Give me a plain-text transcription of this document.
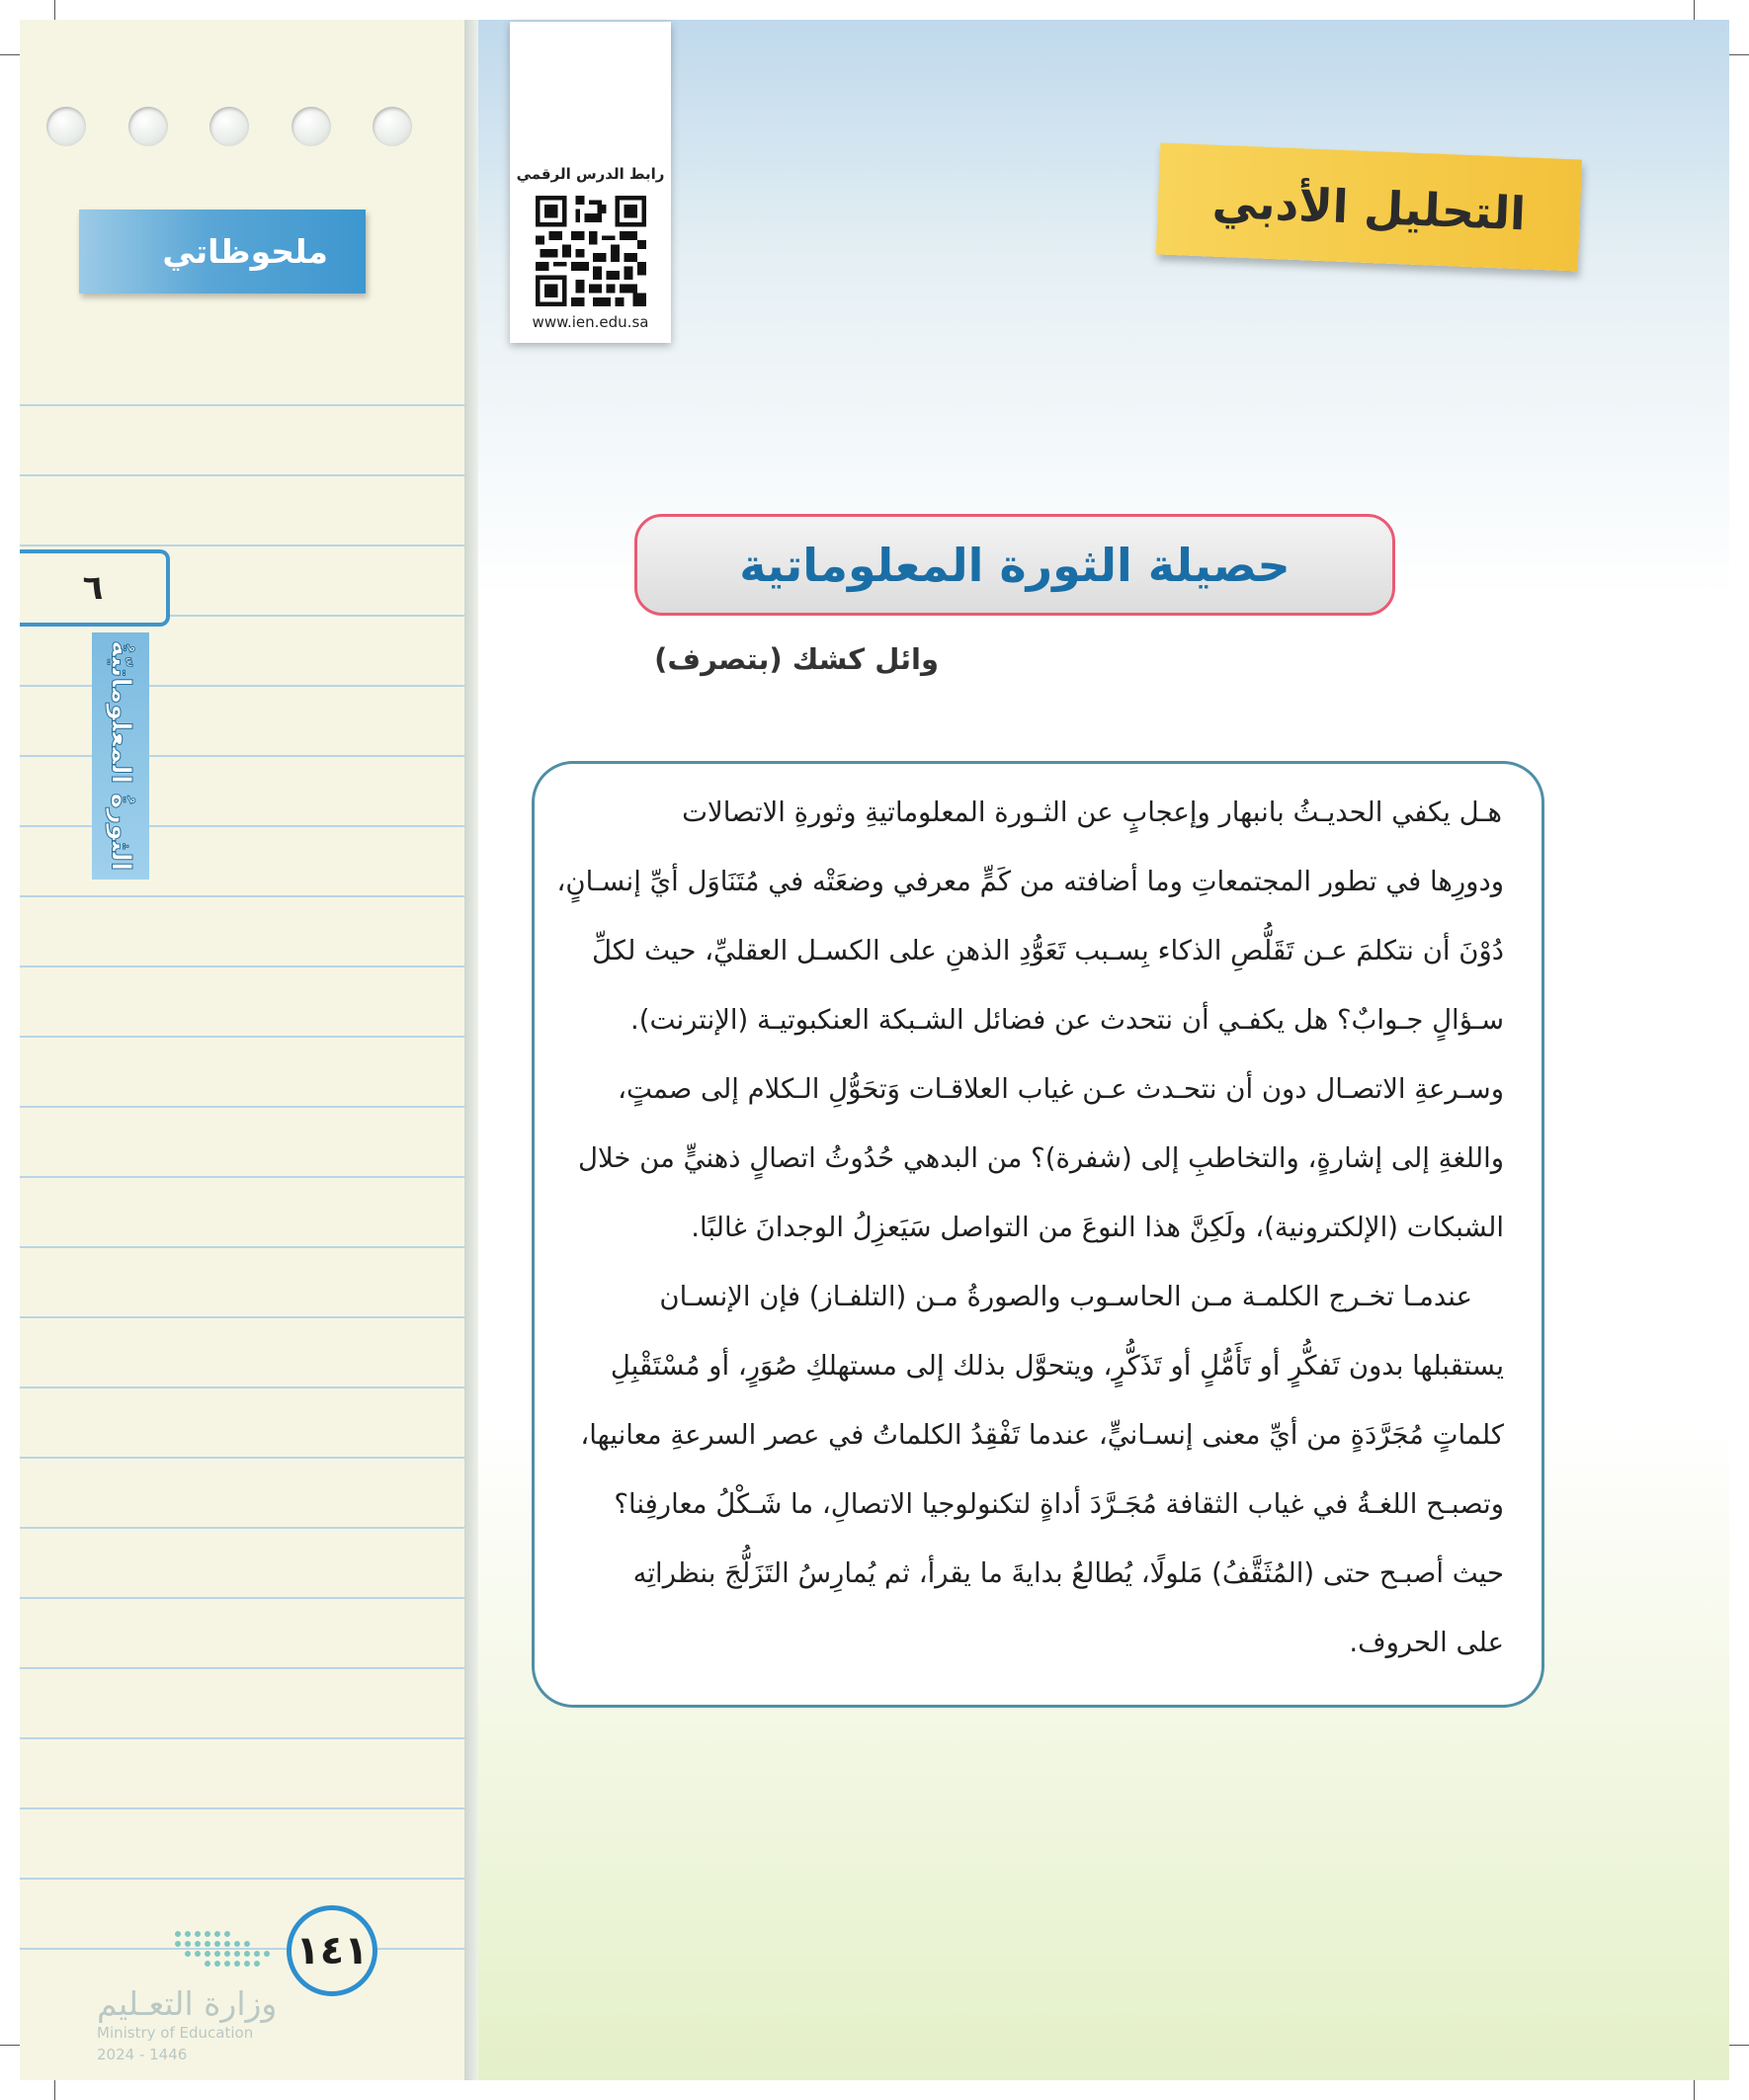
ملحوظاتي
٦
الثورةُ المعلوماتيّةُ
١٤١
وزارة التعـليم
Ministry of Education
2024 - 1446
رابط الدرس الرقمي
www.ien.edu.sa
التحليل الأدبي
حصيلة الثورة المعلوماتية
وائل كشك (بتصرف)

هـل يكفي الحديـثُ بانبهار وإعجابٍ عن الثـورة المعلوماتيةِ وثورةِ الاتصالات

ودورِها في تطور المجتمعاتِ وما أضافته من كَمٍّ معرفي وضعَتْه في مُتَنَاوَل أيِّ إنسـانٍ،

دُوْنَ أن نتكلمَ عـن تَقَلُّصِ الذكاء بِسـبب تَعَوُّدِ الذهنِ على الكسـل العقليِّ، حيث لكلِّ

سـؤالٍ جـوابٌ؟ هل يكفـي أن نتحدث عن فضائل الشـبكة العنكبوتيـة (الإنترنت).

وسـرعةِ الاتصـال دون أن نتحـدث عـن غياب العلاقـات وَتحَوُّلِ الـكلام إلى صمتٍ،

واللغةِ إلى إشارةٍ، والتخاطبِ إلى (شفرة)؟ من البدهي حُدُوثُ اتصالٍ ذهنيٍّ من خلال

الشبكات (الإلكترونية)، ولَكِنَّ هذا النوعَ من التواصل سَيَعزِلُ الوجدانَ غالبًا.

عندمـا تخـرج الكلمـة مـن الحاسـوب والصورةُ مـن (التلفـاز) فإن الإنسـان

يستقبلها بدون تَفكُّرٍ أو تَأَمُّلٍ أو تَذَكُّرٍ، ويتحوَّل بذلك إلى مستهلكِ صُوَرٍ، أو مُسْتَقْبِلِ

كلماتٍ مُجَرَّدَةٍ من أيِّ معنى إنسـانيٍّ، عندما تَفْقِدُ الكلماتُ في عصر السرعةِ معانيها،

وتصبـح اللغـةُ في غياب الثقافة مُجَـرَّدَ أداةٍ لتكنولوجيا الاتصالِ، ما شَـكْلُ معارفِنا؟

حيث أصبـح حتى (المُثَقَّفُ) مَلولًا، يُطالعُ بدايةَ ما يقرأ، ثم يُمارِسُ التَزَلُّجَ بنظراتِه

على الحروف.
